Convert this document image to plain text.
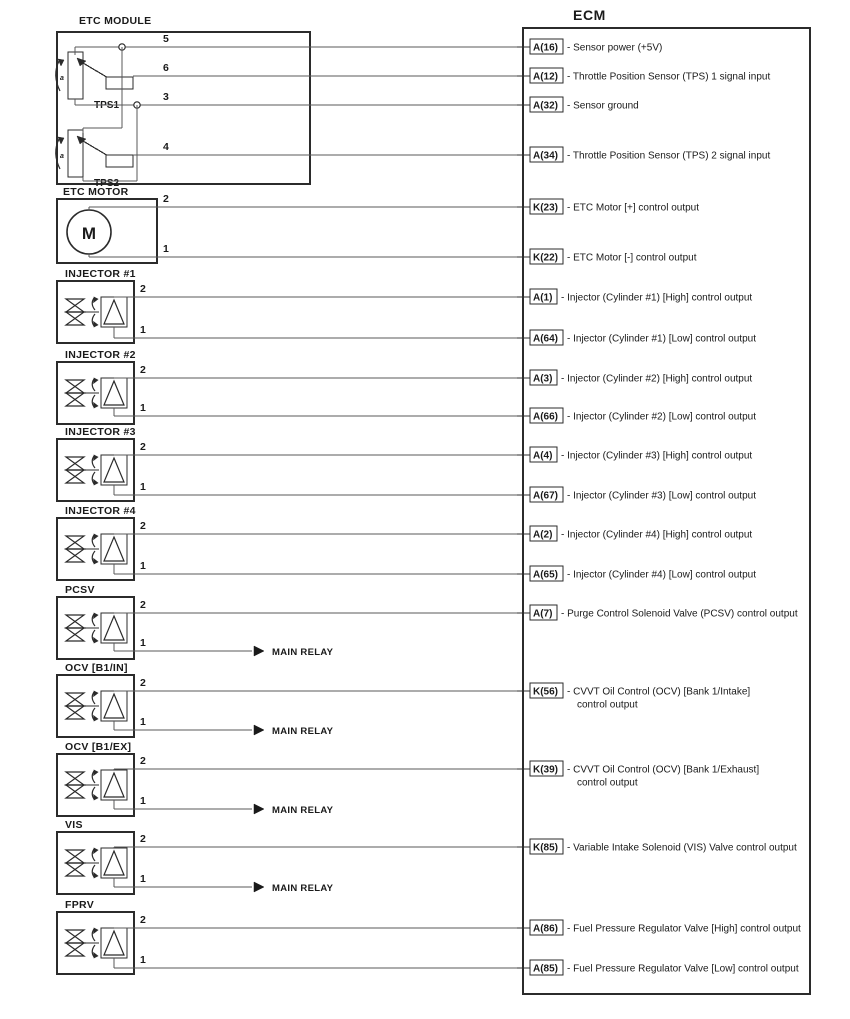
ECM
A(16) - Sensor power (+5V)
A(12) - Throttle Position Sensor (TPS) 1 signal input
A(32) - Sensor ground
A(34) - Throttle Position Sensor (TPS) 2 signal input
K(23) - ETC Motor [+] control output
K(22) - ETC Motor [-] control output
A(1) - Injector (Cylinder #1) [High] control output
A(64) - Injector (Cylinder #1) [Low] control output
A(3) - Injector (Cylinder #2) [High] control output
A(66) - Injector (Cylinder #2) [Low] control output
A(4) - Injector (Cylinder #3) [High] control output
A(67) - Injector (Cylinder #3) [Low] control output
A(2) - Injector (Cylinder #4) [High] control output
A(65) - Injector (Cylinder #4) [Low] control output
A(7) - Purge Control Solenoid Valve (PCSV) control output
K(56) - CVVT Oil Control (OCV) [Bank 1/Intake]
control output
K(39) - CVVT Oil Control (OCV) [Bank 1/Exhaust]
control output
K(85) - Variable Intake Solenoid (VIS) Valve control output
A(86) - Fuel Pressure Regulator Valve [High] control output
A(85) - Fuel Pressure Regulator Valve [Low] control output
ETC MODULE
a
TPS1
a
TPS2
5
6
3
4
ETC MOTOR
M
2
1
INJECTOR #1
2
1
INJECTOR #2
2
1
INJECTOR #3
2
1
INJECTOR #4
2
1
PCSV
MAIN RELAY
2
1
OCV [B1/IN]
MAIN RELAY
2
1
OCV [B1/EX]
MAIN RELAY
2
1
VIS
MAIN RELAY
2
1
FPRV
2
1
